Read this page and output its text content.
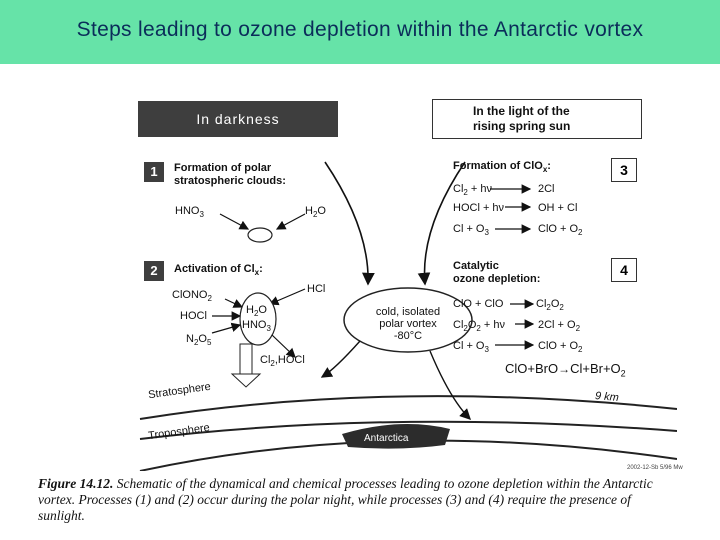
Steps leading to ozone depletion within the Antarctic vortex
In darkness	In the light of the
rising spring sun
1	Formation of polar
stratospheric clouds:
$HNO_3$	$H_2O$
2	Activation of $Cl_x$:
HCl
ClONO$_2$
HOCl
$N_2O_5$
$H_2O$
$HNO_3$
$Cl_2,HOCl$
Formation of ClO$_x$:	3
$Cl_2 + h\nu$	2Cl
HOCl + hν	OH + Cl
$Cl + O_3$	ClO + $O_2$
Catalytic
ozone depletion:
4
ClO + ClO	$Cl_2O_2$
$Cl_2O_2 + h\nu$	$2Cl + O_2$
$Cl + O_3$	ClO + $O_2$
cold, isolated
polar vortex
-80°C
Stratosphere
Troposphere
9 km
Antarctica
2002-12-Sb 5/96 Mw
$ClO+BrO\to Cl+Br+O_2$
Figure 14.12. Schematic of the dynamical and chemical processes leading to ozone depletion within the Antarctic vortex. Processes (1) and (2) occur during the polar night, while processes (3) and (4) require the presence of sunlight.
